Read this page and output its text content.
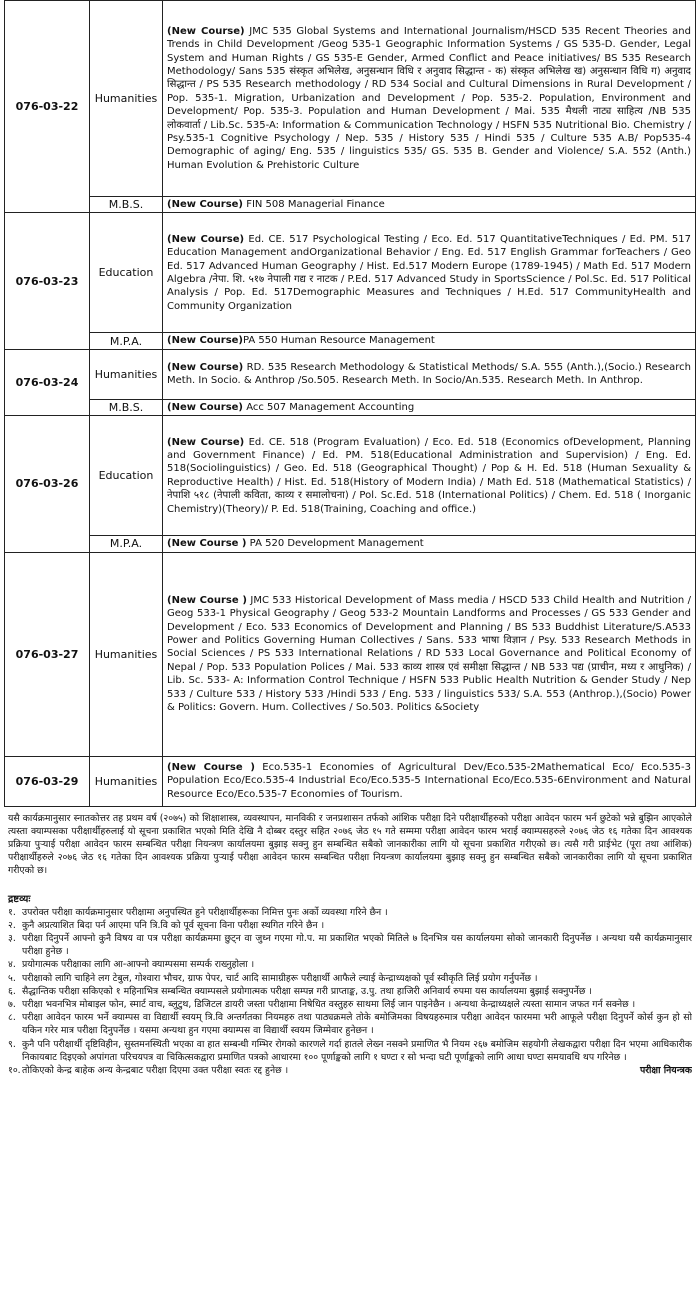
076-03-22	Humanities	(New Course) JMC 535 Global Systems and International Journalism/HSCD 535 Recent Theories and Trends in Child Development /Geog 535-1 Geographic Information Systems / GS 535-D. Gender, Legal System and Human Rights / GS 535-E Gender, Armed Conflict and Peace initiatives/ BS 535 Research Methodology/ Sans 535 संस्कृत अभिलेख, अनुसन्धान विधि र अनुवाद सिद्धान्त - क) संस्कृत अभिलेख ख) अनुसन्धान विधि ग) अनुवाद सिद्धान्त / PS 535 Research methodology / RD 534 Social and Cultural Dimensions in Rural Development / Pop. 535-1. Migration, Urbanization and Development / Pop. 535-2. Population, Environment and Development/ Pop. 535-3. Population and Human Development / Mai. 535 मैथली नाट्य साहित्य /NB 535 लोकवार्ता / Lib.Sc. 535-A: Information & Communication Technology / HSFN 535 Nutritional Bio. Chemistry / Psy.535-1 Cognitive Psychology / Nep. 535 / History 535 / Hindi 535 / Culture 535 A.B/ Pop535-4 Demographic of aging/ Eng. 535 / linguistics 535/ GS. 535 B. Gender and Violence/ S.A. 552 (Anth.) Human Evolution & Prehistoric Culture
	M.B.S.	(New Course) FIN 508 Managerial Finance
076-03-23	Education	(New Course) Ed. CE. 517 Psychological Testing / Eco. Ed. 517 QuantitativeTechniques / Ed. PM. 517 Education Management andOrganizational Behavior / Eng. Ed. 517 English Grammar forTeachers / Geo Ed. 517 Advanced Human Geography / Hist. Ed.517 Modern Europe (1789-1945) / Math Ed. 517 Modern Algebra /नेपा. शि. ५१७ नेपाली गद्य र नाटक / P.Ed. 517 Advanced Study in SportsScience / Pol.Sc. Ed. 517 Political Analysis / Pop. Ed. 517Demographic Measures and Techniques / H.Ed. 517 CommunityHealth and Community Organization
	M.P.A.	(New Course)PA 550 Human Resource Management
076-03-24	Humanities	(New Course) RD. 535 Research Methodology & Statistical Methods/ S.A. 555 (Anth.),(Socio.) Research Meth. In Socio. & Anthrop /So.505. Research Meth. In Socio/An.535. Research Meth. In Anthrop.
	M.B.S.	(New Course) Acc 507 Management Accounting
076-03-26	Education	(New Course) Ed. CE. 518 (Program Evaluation) / Eco. Ed. 518 (Economics ofDevelopment, Planning and Government Finance) / Ed. PM. 518(Educational Administration and Supervision) / Eng. Ed. 518(Sociolinguistics) / Geo. Ed. 518 (Geographical Thought) / Pop & H. Ed. 518 (Human Sexuality & Reproductive Health) / Hist. Ed. 518(History of Modern India) / Math Ed. 518 (Mathematical Statistics) /नेपाशि ५१८ (नेपाली कविता, काव्य र समालोचना) / Pol. Sc.Ed. 518 (International Politics) / Chem. Ed. 518 ( Inorganic Chemistry)(Theory)/ P. Ed. 518(Training, Coaching and office.)
	M.P.A.	(New Course ) PA 520 Development Management
076-03-27	Humanities	(New Course ) JMC 533 Historical Development of Mass media / HSCD 533 Child Health and Nutrition / Geog 533-1 Physical Geography / Geog 533-2 Mountain Landforms and Processes / GS 533 Gender and Development / Eco. 533 Economics of Development and Planning / BS 533 Buddhist Literature/S.A533 Power and Politics Governing Human Collectives / Sans. 533 भाषा विज्ञान / Psy. 533 Research Methods in Social Sciences / PS 533 International Relations / RD 533 Local Governance and Political Economy of Nepal / Pop. 533 Population Polices / Mai. 533 काव्य शास्त्र एवं समीक्षा सिद्धान्त / NB 533 पद्य (प्राचीन, मध्य र आधुनिक) / Lib. Sc. 533- A: Information Control Technique / HSFN 533 Public Health Nutrition & Gender Study / Nep 533 / Culture 533 / History 533 /Hindi 533 / Eng. 533 / linguistics 533/ S.A. 553 (Anthrop.),(Socio) Power & Politics: Govern. Hum. Collectives / So.503. Politics &Society
076-03-29	Humanities	(New Course ) Eco.535-1 Economies of Agricultural Dev/Eco.535-2Mathematical Eco/ Eco.535-3 Population Eco/Eco.535-4 Industrial Eco/Eco.535-5 International Eco/Eco.535-6Environment and Natural Resource Eco/Eco.535-7 Economies of Tourism.
यसै कार्यक्रमानुसार स्नातकोत्तर तह प्रथम वर्ष (२०७५) को शिक्षाशास्त्र, व्यवस्थापन, मानविकी र जनप्रशासन तर्फको आंशिक परीक्षा दिने परीक्षार्थीहरुको परीक्षा आवेदन फारम भर्न छुटेको भन्ने बुझिन आएकोले त्यस्ता क्याम्पसका परीक्षार्थीहरुलाई यो सूचना प्रकाशित भएको मिति देखि नै दोब्बर दस्तुर सहित २०७६ जेठ १५ गते सम्ममा परीक्षा आवेदन फारम भराई क्याम्पसहरुले २०७६ जेठ १६ गतेका दिन आवश्यक प्रक्रिया पुऱ्याई परीक्षा आवेदन फारम सम्बन्धित परीक्षा नियन्त्रण कार्यालयमा बुझाइ सक्नु हुन सम्बन्धित सबैको जानकारीका लागि यो सूचना प्रकाशित गरीएको छ। त्यसै गरी प्राईभेट (पूरा तथा आंशिक) परीक्षार्थीहरुले २०७६ जेठ १६ गतेका दिन आवश्यक प्रक्रिया पुऱ्याई परीक्षा आवेदन फारम सम्बन्धित परीक्षा नियन्त्रण कार्यालयमा बुझाइ सक्नु हुन सम्बन्धित सबैको जानकारीका लागि यो सूचना प्रकाशित गरीएको छ।
द्रष्टव्यः
१. उपरोक्त परीक्षा कार्यक्रमानुसार परीक्षामा अनुपस्थित हुने परीक्षार्थीहरूका निमित्त पुनः अर्को व्यवस्था गरिने छैन ।
२. कुनै अप्रत्याशित बिदा पर्न आएमा पनि त्रि.वि को पूर्व सूचना विना परीक्षा स्थगित गरिने छैन ।
३. परीक्षा दिनुपर्ने आफ्नो कुनै विषय वा पत्र परीक्षा कार्यक्रममा छुट्न वा जुध्न गएमा गो.प. मा प्रकाशित भएको मितिले ७ दिनभित्र यस कार्यालयमा सोको जानकारी दिनुपर्नेछ । अन्यथा यसै कार्यक्रमानुसार परीक्षा हुनेछ ।
४. प्रयोगात्मक परीक्षाका लागि आ-आफ्नो क्याम्पसमा सम्पर्क राख्नुहोला ।
५. परीक्षाको लागि चाहिने लग टेबुल, गोश्वारा भौचर, ग्राफ पेपर, चार्ट आदि सामाग्रीहरू परीक्षार्थी आफैले ल्याई केन्द्राध्यक्षको पूर्व स्वीकृति लिई प्रयोग गर्नुपर्नेछ ।
६. सैद्धान्तिक परीक्षा सकिएको १ महिनाभित्र सम्बन्धित क्याम्पसले प्रयोगात्मक परीक्षा सम्पन्न गरी प्राप्ताङ्क, उ.पु. तथा हाजिरी अनिवार्य रुपमा यस कार्यालयमा बुझाई सक्नुपर्नेछ ।
७. परीक्षा भवनभित्र मोबाइल फोन, स्मार्ट वाच, ब्लुटुथ, डिजिटल डायरी जस्ता परीक्षामा निषेधित वस्तुहरु साथमा लिई जान पाइनेछैन । अन्यथा केन्द्राध्यक्षले त्यस्ता सामान जफत गर्न सक्नेछ ।
८. परीक्षा आवेदन फारम भर्ने क्याम्पस वा विद्यार्थी स्वयम् त्रि.वि अन्तर्गतका नियमहरु तथा पाठ्यक्रमले तोके बमोजिमका विषयहरुमात्र परीक्षा आवेदन फारममा भरी आफूले परीक्षा दिनुपर्ने कोर्स कुन हो सो यकिन गरेर मात्र परीक्षा दिनुपर्नेछ । यसमा अन्यथा हुन गएमा क्याम्पस वा विद्यार्थी स्वयम जिम्मेवार हुनेछन ।
९. कुनै पनि परीक्षार्थी दृष्टिविहीन, सुस्तमनस्थिती भएका वा हात सम्बन्धी गम्भिर रोगको कारणले गर्दा हातले लेख्न नसक्ने प्रमाणित भै नियम २६७ बमोजिम सहयोगी लेखकद्वारा परीक्षा दिन भएमा आधिकारीक निकायबाट दिइएको अपांगता परिचयपत्र वा चिकित्सकद्वारा प्रमाणित पत्रको आधारमा १०० पूर्णाङ्कको लागि १ घण्टा र सो भन्दा घटी पूर्णाङ्कको लागि आधा घण्टा समयावधि थप गरिनेछ ।
१०. तोकिएको केन्द्र बाहेक अन्य केन्द्रबाट परीक्षा दिएमा उक्त परीक्षा स्वतः रद्द हुनेछ ।	परीक्षा नियन्त्रक
